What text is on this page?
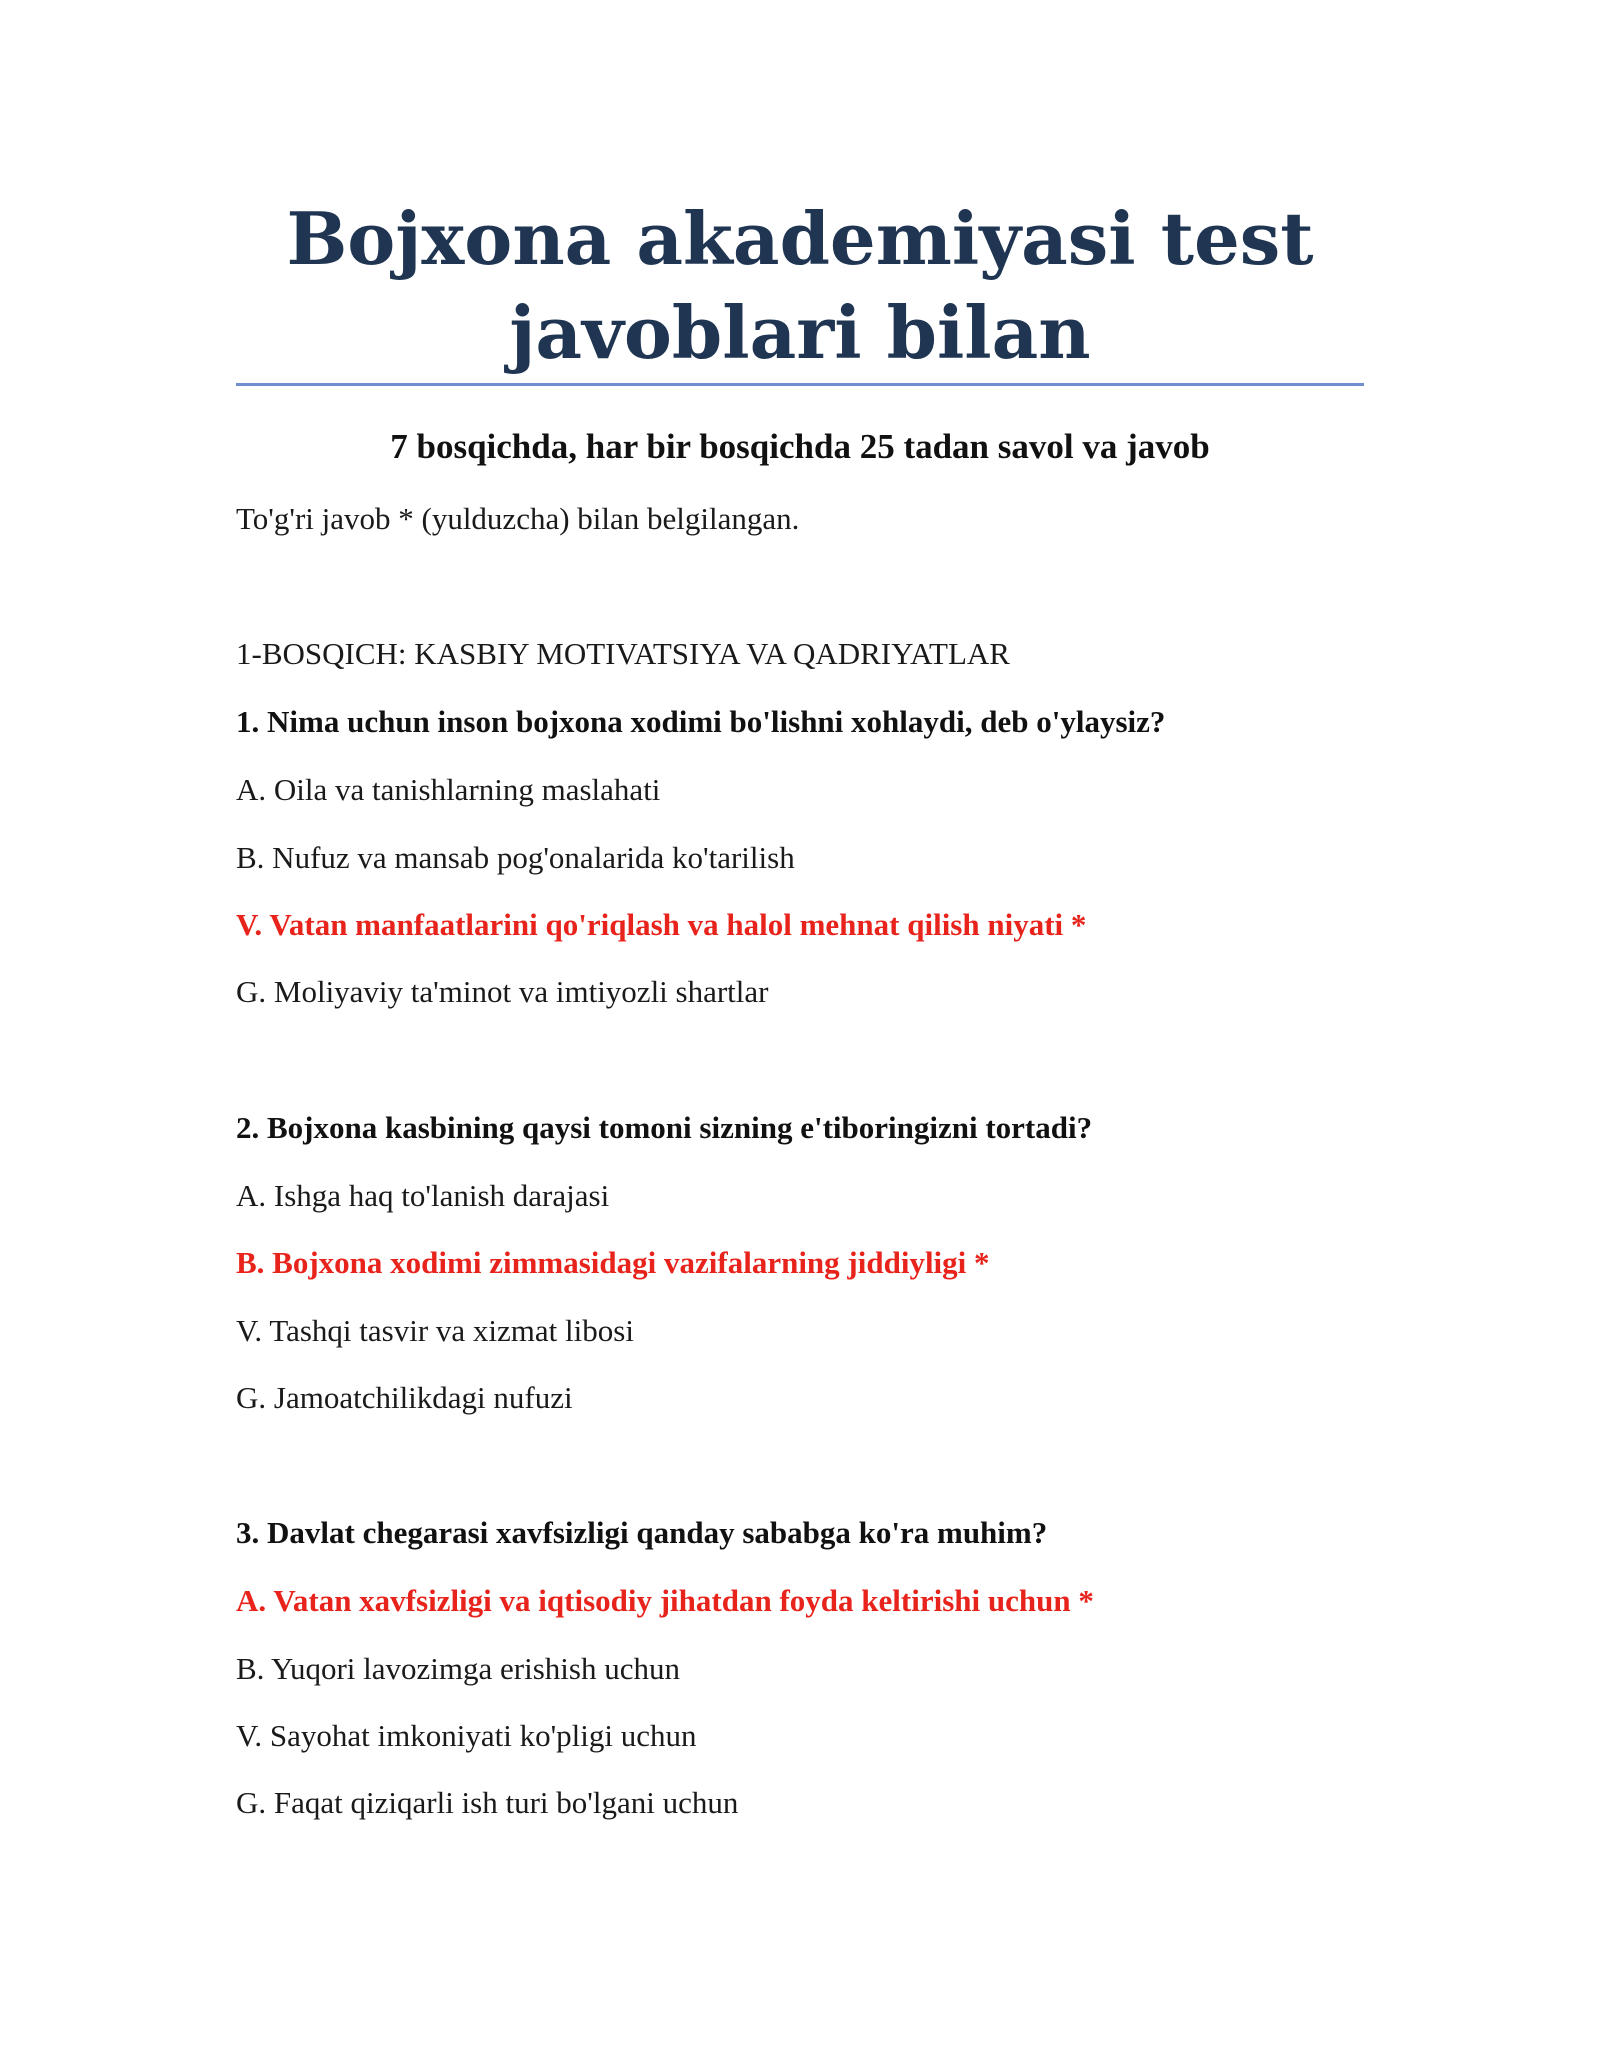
Bojxona akademiyasi test
javoblari bilan
7 bosqichda, har bir bosqichda 25 tadan savol va javob

To'g'ri javob * (yulduzcha) bilan belgilangan.

1-BOSQICH: KASBIY MOTIVATSIYA VA QADRIYATLAR

1. Nima uchun inson bojxona xodimi bo'lishni xohlaydi, deb o'ylaysiz?

A. Oila va tanishlarning maslahati

B. Nufuz va mansab pog'onalarida ko'tarilish

V. Vatan manfaatlarini qo'riqlash va halol mehnat qilish niyati *

G. Moliyaviy ta'minot va imtiyozli shartlar

2. Bojxona kasbining qaysi tomoni sizning e'tiboringizni tortadi?

A. Ishga haq to'lanish darajasi

B. Bojxona xodimi zimmasidagi vazifalarning jiddiyligi *

V. Tashqi tasvir va xizmat libosi

G. Jamoatchilikdagi nufuzi

3. Davlat chegarasi xavfsizligi qanday sababga ko'ra muhim?

A. Vatan xavfsizligi va iqtisodiy jihatdan foyda keltirishi uchun *

B. Yuqori lavozimga erishish uchun

V. Sayohat imkoniyati ko'pligi uchun

G. Faqat qiziqarli ish turi bo'lgani uchun
